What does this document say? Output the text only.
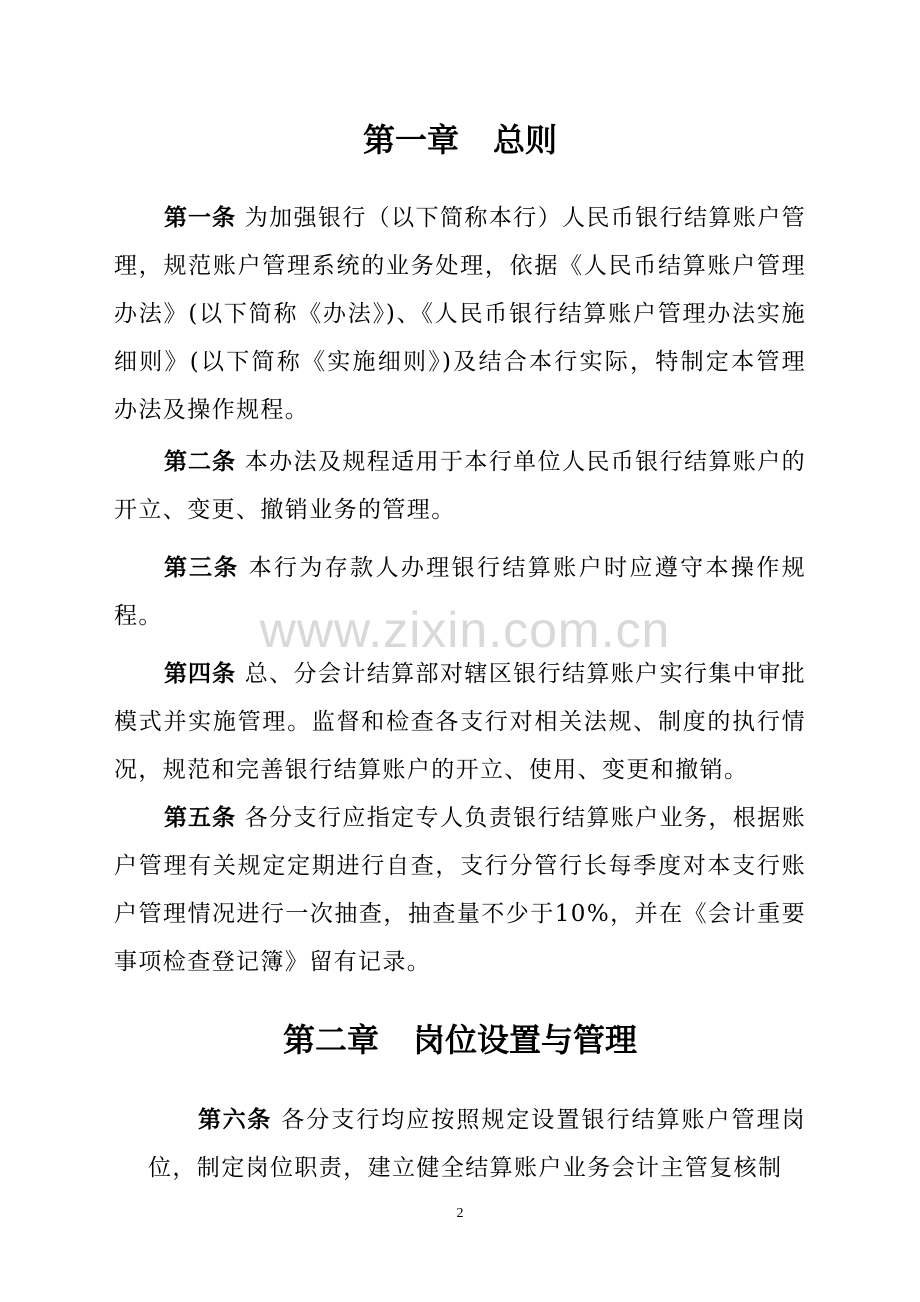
第一章 总则

第一条 为加强银行（以下简称本行）人民币银行结算账户管理，规范账户管理系统的业务处理，依据《人民币结算账户管理办法》(以下简称《办法》)、《人民币银行结算账户管理办法实施细则》(以下简称《实施细则》)及结合本行实际，特制定本管理办法及操作规程。

第二条 本办法及规程适用于本行单位人民币银行结算账户的开立、变更、撤销业务的管理。

第三条 本行为存款人办理银行结算账户时应遵守本操作规程。	www.zixin.com.cn

第四条 总、分会计结算部对辖区银行结算账户实行集中审批模式并实施管理。监督和检查各支行对相关法规、制度的执行情况，规范和完善银行结算账户的开立、使用、变更和撤销。

第五条 各分支行应指定专人负责银行结算账户业务，根据账户管理有关规定定期进行自查，支行分管行长每季度对本支行账户管理情况进行一次抽查，抽查量不少于10%，并在《会计重要事项检查登记簿》留有记录。

第二章 岗位设置与管理

第六条 各分支行均应按照规定设置银行结算账户管理岗位，制定岗位职责，建立健全结算账户业务会计主管复核制

2
